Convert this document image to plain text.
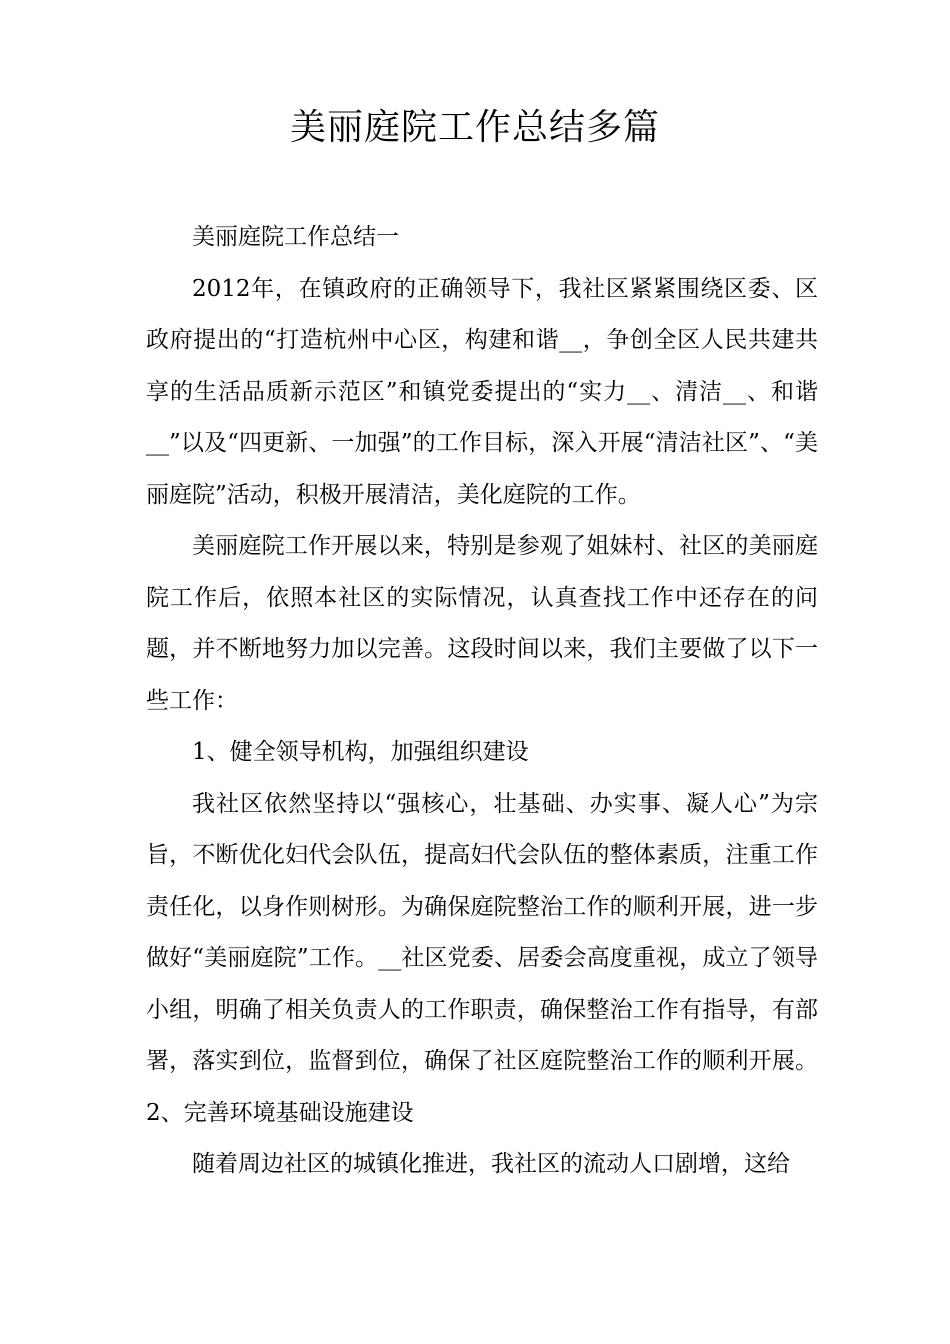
美丽庭院工作总结多篇

美丽庭院工作总结一

2012年，在镇政府的正确领导下，我社区紧紧围绕区委、区政府提出的“打造杭州中心区，构建和谐__，争创全区人民共建共享的生活品质新示范区”和镇党委提出的“实力__、清洁__、和谐__”以及“四更新、一加强”的工作目标，深入开展“清洁社区”、“美丽庭院”活动，积极开展清洁，美化庭院的工作。

美丽庭院工作开展以来，特别是参观了姐妹村、社区的美丽庭院工作后，依照本社区的实际情况，认真查找工作中还存在的问题，并不断地努力加以完善。这段时间以来，我们主要做了以下一些工作：

1、健全领导机构，加强组织建设

我社区依然坚持以“强核心，壮基础、办实事、凝人心”为宗旨，不断优化妇代会队伍，提高妇代会队伍的整体素质，注重工作责任化，以身作则树形。为确保庭院整治工作的顺利开展，进一步做好“美丽庭院”工作。__社区党委、居委会高度重视，成立了领导小组，明确了相关负责人的工作职责，确保整治工作有指导，有部署，落实到位，监督到位，确保了社区庭院整治工作的顺利开展。2、完善环境基础设施建设

随着周边社区的城镇化推进，我社区的流动人口剧增，这给
